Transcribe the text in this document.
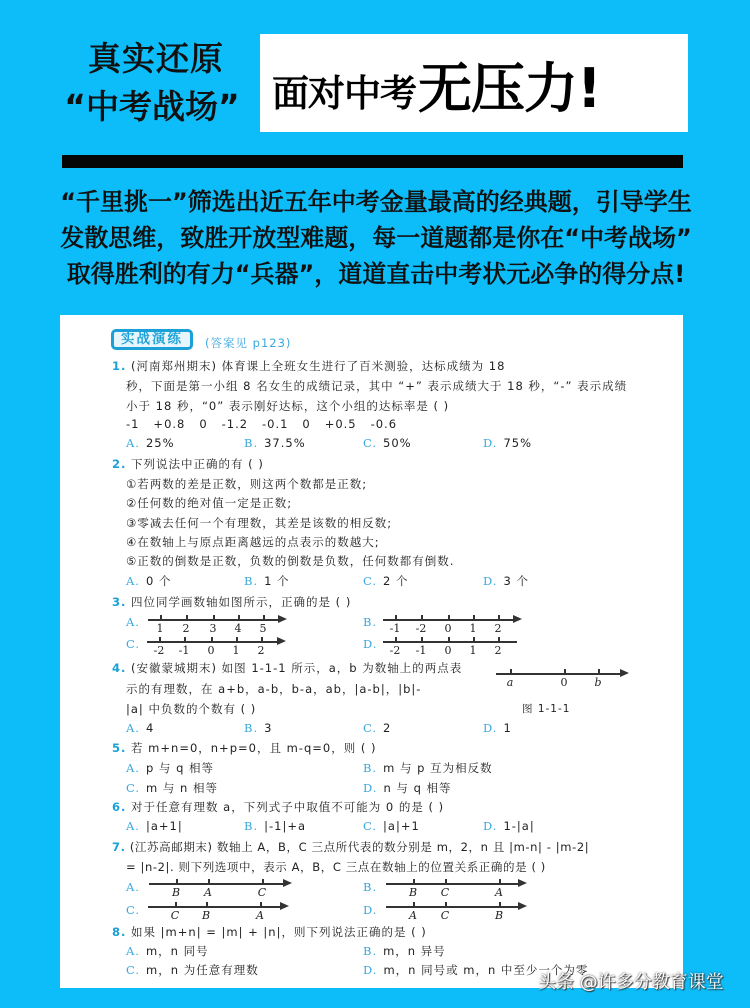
真实还原
“中考战场” 面对中考 无压力!
“千里挑一”筛选出近五年中考金量最高的经典题，引导学生
发散思维，致胜开放型难题，每一道题都是你在“中考战场”
取得胜利的有力“兵器”，道道直击中考状元必争的得分点!
实战演练	(答案见 p123)
1. (河南郑州期末) 体育课上全班女生进行了百米测验，达标成绩为 18
秒，下面是第一小组 8 名女生的成绩记录，其中 “+” 表示成绩大于 18 秒，“-” 表示成绩
小于 18 秒，“0” 表示刚好达标，这个小组的达标率是 ( )
-1   +0.8   0   -1.2   -0.1   0   +0.5   -0.6
A. 25%	B. 37.5%	C. 50%	D. 75%
2. 下列说法中正确的有 ( )
①若两数的差是正数，则这两个数都是正数;
②任何数的绝对值一定是正数;
③零减去任何一个有理数，其差是该数的相反数;
④在数轴上与原点距离越远的点表示的数越大;
⑤正数的倒数是正数，负数的倒数是负数，任何数都有倒数.
A. 0 个	B. 1 个	C. 2 个	D. 3 个
3. 四位同学画数轴如图所示，正确的是 ( )
A.	1 2 3 4 5	B.	-1 -2 0 1 2
C.	-2 -1 0 1 2	D.	-2 -1 0 1 2
4. (安徽蒙城期末) 如图 1-1-1 所示，a，b 为数轴上的两点表
示的有理数，在 a+b，a-b，b-a，ab，|a-b|，|b|-
|a| 中负数的个数有 ( )
a	0 b
图 1-1-1
A. 4	B. 3	C. 2	D. 1
5. 若 m+n=0，n+p=0，且 m-q=0，则 ( )
A. p 与 q 相等	B. m 与 p 互为相反数
C. m 与 n 相等	D. n 与 q 相等
6. 对于任意有理数 a，下列式子中取值不可能为 0 的是 ( )
A. |a+1|	B. |-1|+a	C. |a|+1	D. 1-|a|
7. (江苏高邮期末) 数轴上 A，B，C 三点所代表的数分别是 m，2，n 且 |m-n| - |m-2|
= |n-2|. 则下列选项中，表示 A，B，C 三点在数轴上的位置关系正确的是 ( )
A.	B A	C	B.	B C	A
C.	C B	A	D.	A C	B
8. 如果 |m+n| = |m| + |n|，则下列说法正确的是 ( )
A. m，n 同号	B. m，n 异号
C. m，n 为任意有理数	D. m，n 同号或 m，n 中至少一个为零
头条 @许多分教育课堂
